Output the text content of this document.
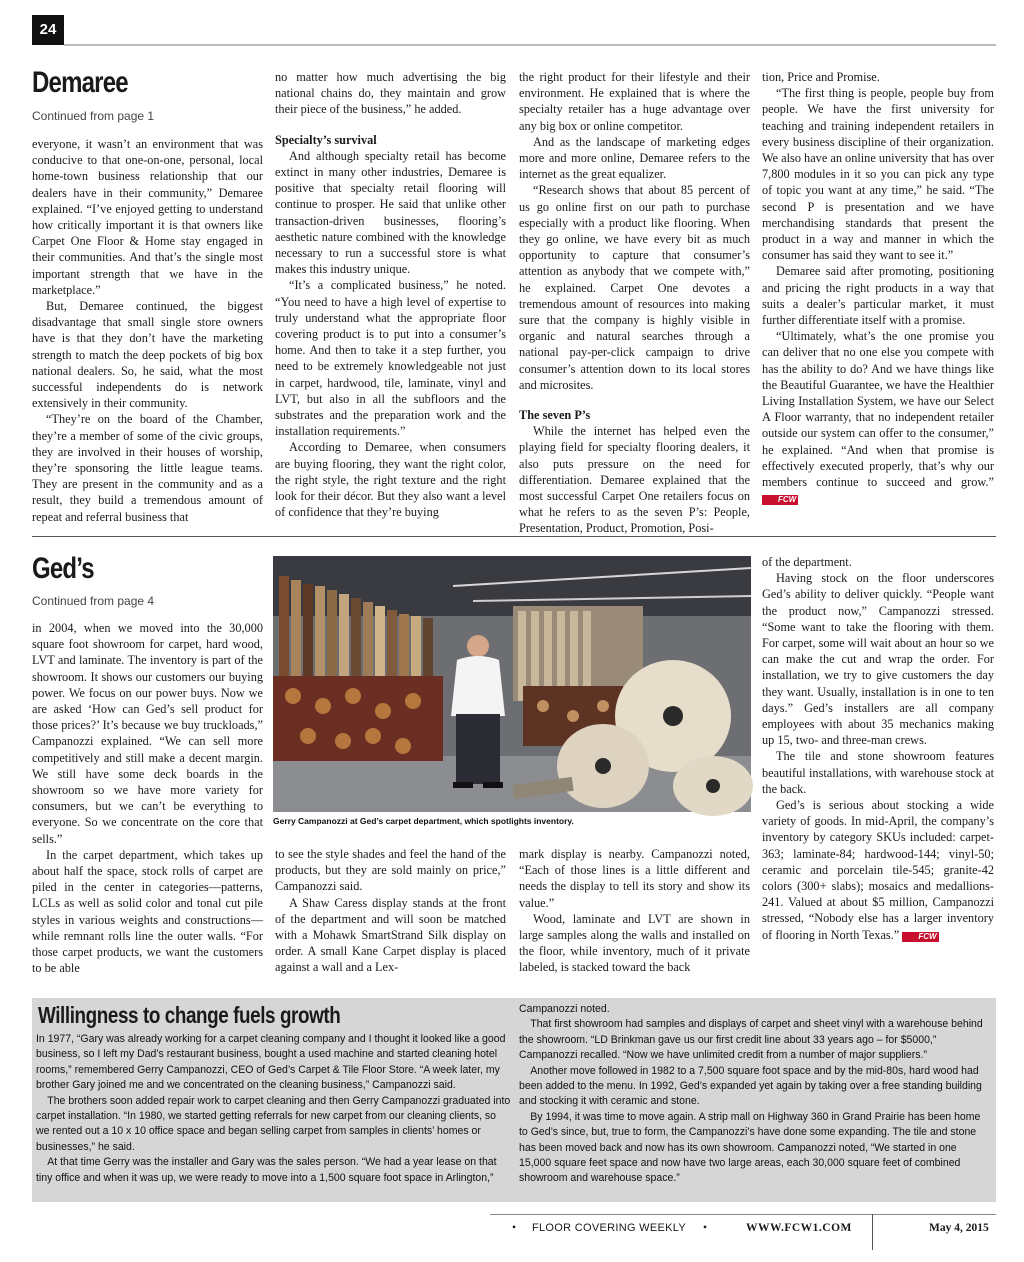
24
Demaree
Continued from page 1

everyone, it wasn’t an environment that was conducive to that one-on-one, personal, local home-town business relationship that our dealers have in their community,” Demaree explained. “I’ve enjoyed getting to understand how critically important it is that owners like Carpet One Floor & Home stay engaged in their communities. And that’s the single most important strength that we have in the marketplace.”

But, Demaree continued, the biggest disadvantage that small single store owners have is that they don’t have the marketing strength to match the deep pockets of big box national dealers. So, he said, what the most successful independents do is network extensively in their community.

“They’re on the board of the Chamber, they’re a member of some of the civic groups, they are involved in their houses of worship, they’re sponsoring the little league teams. They are present in the community and as a result, they build a tremendous amount of repeat and referral business that

no matter how much advertising the big national chains do, they maintain and grow their piece of the business,” he added.

Specialty’s survival

And although specialty retail has become extinct in many other industries, Demaree is positive that specialty retail flooring will continue to prosper. He said that unlike other transaction-driven businesses, flooring’s aesthetic nature combined with the knowledge necessary to run a successful store is what makes this industry unique.

“It’s a complicated business,” he noted. “You need to have a high level of expertise to truly understand what the appropriate floor covering product is to put into a consumer’s home. And then to take it a step further, you need to be extremely knowledgeable not just in carpet, hardwood, tile, laminate, vinyl and LVT, but also in all the subfloors and the substrates and the preparation work and the installation requirements.”

According to Demaree, when consumers are buying flooring, they want the right color, the right style, the right texture and the right look for their décor. But they also want a level of confidence that they’re buying

the right product for their lifestyle and their environment. He explained that is where the specialty retailer has a huge advantage over any big box or online competitor.

And as the landscape of marketing edges more and more online, Demaree refers to the internet as the great equalizer.

“Research shows that about 85 percent of us go online first on our path to purchase especially with a product like flooring. When they go online, we have every bit as much opportunity to capture that consumer’s attention as anybody that we compete with,” he explained. Carpet One devotes a tremendous amount of resources into making sure that the company is highly visible in organic and natural searches through a national pay-per-click campaign to drive consumer’s attention down to its local stores and microsites.

The seven P’s

While the internet has helped even the playing field for specialty flooring dealers, it also puts pressure on the need for differentiation. Demaree explained that the most successful Carpet One retailers focus on what he refers to as the seven P’s: People, Presentation, Product, Promotion, Posi-

tion, Price and Promise.

“The first thing is people, people buy from people. We have the first university for teaching and training independent retailers in every business discipline of their organization. We also have an online university that has over 7,800 modules in it so you can pick any type of topic you want at any time,” he said. “The second P is presentation and we have merchandising standards that present the product in a way and manner in which the consumer has said they want to see it.”

Demaree said after promoting, positioning and pricing the right products in a way that suits a dealer’s particular market, it must further differentiate itself with a promise.

“Ultimately, what’s the one promise you can deliver that no one else you compete with has the ability to do? And we have things like the Beautiful Guarantee, we have the Healthier Living Installation System, we have our Select A Floor warranty, that no independent retailer outside our system can offer to the consumer,” he explained. “And when that promise is effectively executed properly, that’s why our members continue to succeed and grow.” FCW

Ged’s
Continued from page 4

in 2004, when we moved into the 30,000 square foot showroom for carpet, hard wood, LVT and laminate. The inventory is part of the showroom. It shows our customers our buying power. We focus on our power buys. Now we are asked ‘How can Ged’s sell product for those prices?’ It’s because we buy truckloads,” Campanozzi explained. “We can sell more competitively and still make a decent margin. We still have some deck boards in the showroom so we have more variety for consumers, but we can’t be everything to everyone. So we concentrate on the core that sells.”

In the carpet department, which takes up about half the space, stock rolls of carpet are piled in the center in categories—patterns, LCLs as well as solid color and tonal cut pile styles in various weights and constructions—while remnant rolls line the outer walls. “For those carpet products, we want the customers to be able

Gerry Campanozzi at Ged’s carpet department, which spotlights inventory.

to see the style shades and feel the hand of the products, but they are sold mainly on price,” Campanozzi said.

A Shaw Caress display stands at the front of the department and will soon be matched with a Mohawk SmartStrand Silk display on order. A small Kane Carpet display is placed against a wall and a Lex-

mark display is nearby. Campanozzi noted, “Each of those lines is a little different and needs the display to tell its story and show its value.”

Wood, laminate and LVT are shown in large samples along the walls and installed on the floor, while inventory, much of it private labeled, is stacked toward the back

of the department.

Having stock on the floor underscores Ged’s ability to deliver quickly. “People want the product now,” Campanozzi stressed. “Some want to take the flooring with them. For carpet, some will wait about an hour so we can make the cut and wrap the order. For installation, we try to give customers the day they want. Usually, installation is in one to ten days.” Ged’s installers are all company employees with about 35 mechanics making up 15, two- and three-man crews.

The tile and stone showroom features beautiful installations, with warehouse stock at the back.

Ged’s is serious about stocking a wide variety of goods. In mid-April, the company’s inventory by category SKUs included: carpet-363; laminate-84; hardwood-144; vinyl-50; ceramic and porcelain tile-545; granite-42 colors (300+ slabs); mosaics and medallions-241. Valued at about $5 million, Campanozzi stressed, “Nobody else has a larger inventory of flooring in North Texas.” FCW

Willingness to change fuels growth

In 1977, “Gary was already working for a carpet cleaning company and I thought it looked like a good business, so I left my Dad’s restaurant business, bought a used machine and started cleaning hotel rooms,” remembered Gerry Campanozzi, CEO of Ged’s Carpet & Tile Floor Store. “A week later, my brother Gary joined me and we concentrated on the cleaning business,” Campanozzi said.

The brothers soon added repair work to carpet cleaning and then Gerry Campanozzi graduated into carpet installation. “In 1980, we started getting referrals for new carpet from our cleaning clients, so we rented out a 10 x 10 office space and began selling carpet from samples in clients’ homes or businesses,” he said.

At that time Gerry was the installer and Gary was the sales person. “We had a year lease on that tiny office and when it was up, we were ready to move into a 1,500 square foot space in Arlington,”

Campanozzi noted.

That first showroom had samples and displays of carpet and sheet vinyl with a warehouse behind the showroom. “LD Brinkman gave us our first credit line about 33 years ago – for $5000,” Campanozzi recalled. “Now we have unlimited credit from a number of major suppliers.”

Another move followed in 1982 to a 7,500 square foot space and by the mid-80s, hard wood had been added to the menu. In 1992, Ged’s expanded yet again by taking over a free standing building and stocking it with ceramic and stone.

By 1994, it was time to move again. A strip mall on Highway 360 in Grand Prairie has been home to Ged’s since, but, true to form, the Campanozzi’s have done some expanding. The tile and stone has been moved back and now has its own showroom. Campanozzi noted, “We started in one 15,000 square feet space and now have two large areas, each 30,000 square feet of combined showroom and warehouse space.”

• FLOOR COVERING WEEKLY •	WWW.FCW1.COM	May 4, 2015
